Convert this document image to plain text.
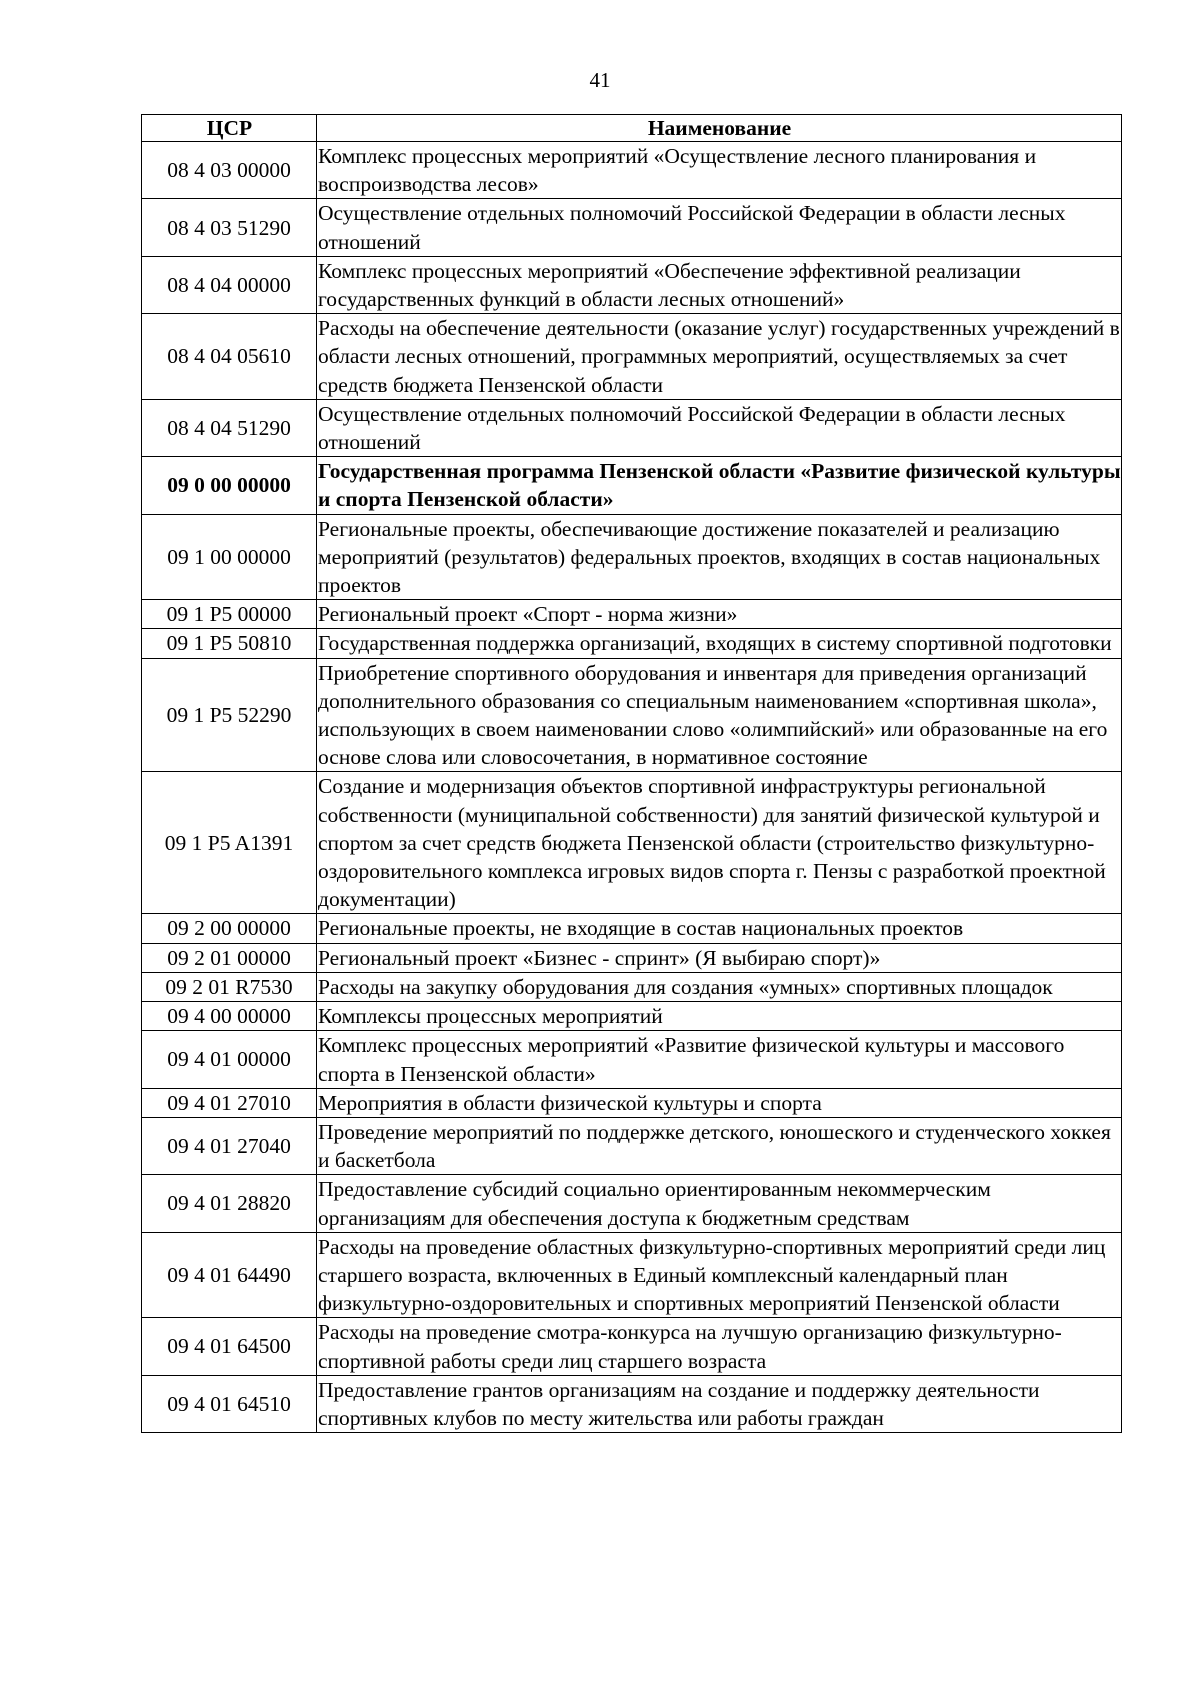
41
ЦСР	Наименование
08 4 03 00000	Комплекс процессных мероприятий «Осуществление лесного планирования и воспроизводства лесов»
08 4 03 51290	Осуществление отдельных полномочий Российской Федерации в области лесных отношений
08 4 04 00000	Комплекс процессных мероприятий «Обеспечение эффективной реализации государственных функций в области лесных отношений»
08 4 04 05610	Расходы на обеспечение деятельности (оказание услуг) государственных учреждений в области лесных отношений, программных мероприятий, осуществляемых за счет средств бюджета Пензенской области
08 4 04 51290	Осуществление отдельных полномочий Российской Федерации в области лесных отношений
09 0 00 00000	Государственная программа Пензенской области «Развитие физической культуры и спорта Пензенской области»
09 1 00 00000	Региональные проекты, обеспечивающие достижение показателей и реализацию мероприятий (результатов) федеральных проектов, входящих в состав национальных проектов
09 1 P5 00000	Региональный проект «Спорт - норма жизни»
09 1 P5 50810	Государственная поддержка организаций, входящих в систему спортивной подготовки
09 1 P5 52290	Приобретение спортивного оборудования и инвентаря для приведения организаций дополнительного образования со специальным наименованием «спортивная школа», использующих в своем наименовании слово «олимпийский» или образованные на его основе слова или словосочетания, в нормативное состояние
09 1 P5 A1391	Создание и модернизация объектов спортивной инфраструктуры региональной собственности (муниципальной собственности) для занятий физической культурой и спортом за счет средств бюджета Пензенской области (строительство физкультурно-оздоровительного комплекса игровых видов спорта г. Пензы с разработкой проектной документации)
09 2 00 00000	Региональные проекты, не входящие в состав национальных проектов
09 2 01 00000	Региональный проект «Бизнес - спринт» (Я выбираю спорт)»
09 2 01 R7530	Расходы на закупку оборудования для создания «умных» спортивных площадок
09 4 00 00000	Комплексы процессных мероприятий
09 4 01 00000	Комплекс процессных мероприятий «Развитие физической культуры и массового спорта в Пензенской области»
09 4 01 27010	Мероприятия в области физической культуры и спорта
09 4 01 27040	Проведение мероприятий по поддержке детского, юношеского и студенческого хоккея и баскетбола
09 4 01 28820	Предоставление субсидий социально ориентированным некоммерческим организациям для обеспечения доступа к бюджетным средствам
09 4 01 64490	Расходы на проведение областных физкультурно-спортивных мероприятий среди лиц старшего возраста, включенных в Единый комплексный календарный план физкультурно-оздоровительных и спортивных мероприятий Пензенской области
09 4 01 64500	Расходы на проведение смотра-конкурса на лучшую организацию физкультурно-спортивной работы среди лиц старшего возраста
09 4 01 64510	Предоставление грантов организациям на создание и поддержку деятельности спортивных клубов по месту жительства или работы граждан
